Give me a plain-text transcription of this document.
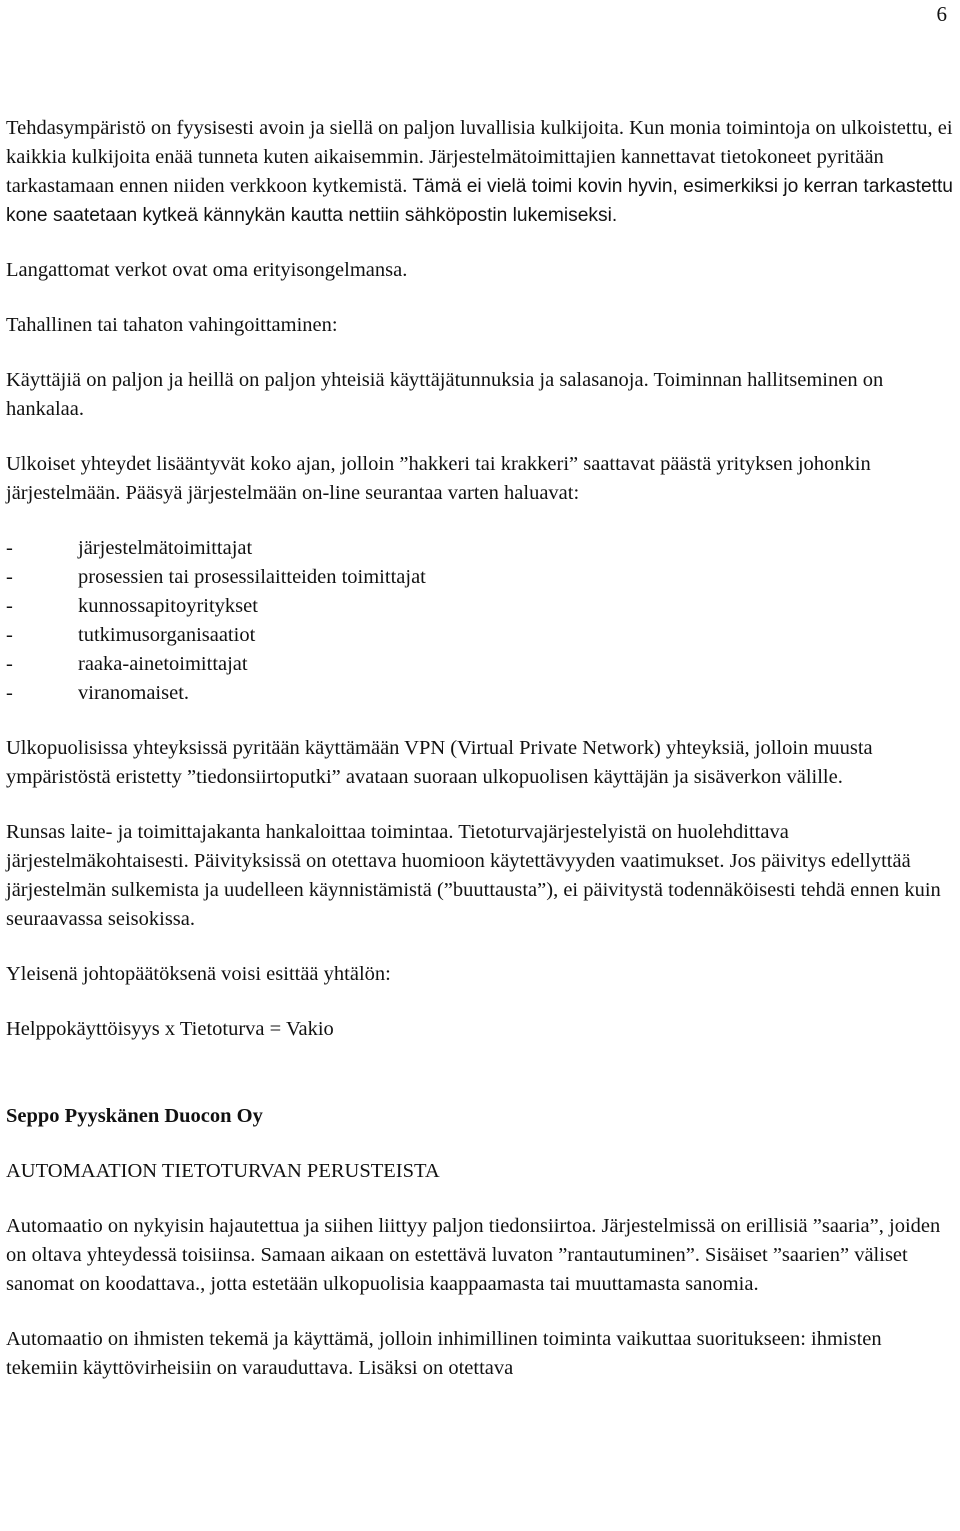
6

Tehdasympäristö on fyysisesti avoin ja siellä on paljon luvallisia kulkijoita. Kun monia toimintoja on ulkoistettu, ei kaikkia kulkijoita enää tunneta kuten aikaisemmin. Järjestelmätoimittajien kannettavat tietokoneet pyritään tarkastamaan ennen niiden verkkoon kytkemistä. Tämä ei vielä toimi kovin hyvin, esimerkiksi jo kerran tarkastettu kone saatetaan kytkeä kännykän kautta nettiin sähköpostin lukemiseksi.

Langattomat verkot ovat oma erityisongelmansa.

Tahallinen tai tahaton vahingoittaminen:

Käyttäjiä on paljon ja heillä on paljon yhteisiä käyttäjätunnuksia ja salasanoja. Toiminnan hallitseminen on hankalaa.

Ulkoiset yhteydet lisääntyvät koko ajan, jolloin ”hakkeri tai krakkeri” saattavat päästä yrityksen johonkin järjestelmään. Pääsyä järjestelmään on-line seurantaa varten haluavat:

-	järjestelmätoimittajat
-	prosessien tai prosessilaitteiden toimittajat
-	kunnossapitoyritykset
-	tutkimusorganisaatiot
-	raaka-ainetoimittajat
-	viranomaiset.

Ulkopuolisissa yhteyksissä pyritään käyttämään VPN (Virtual Private Network) yhteyksiä, jolloin muusta ympäristöstä eristetty ”tiedonsiirtoputki” avataan suoraan ulkopuolisen käyttäjän ja sisäverkon välille.

Runsas laite- ja toimittajakanta hankaloittaa toimintaa. Tietoturvajärjestelyistä on huolehdittava järjestelmäkohtaisesti. Päivityksissä on otettava huomioon käytettävyyden vaatimukset. Jos päivitys edellyttää järjestelmän sulkemista ja uudelleen käynnistämistä (”buuttausta”), ei päivitystä todennäköisesti tehdä ennen kuin seuraavassa seisokissa.

Yleisenä johtopäätöksenä voisi esittää yhtälön:

Helppokäyttöisyys x Tietoturva = Vakio

Seppo Pyyskänen Duocon Oy

AUTOMAATION TIETOTURVAN PERUSTEISTA

Automaatio on nykyisin hajautettua ja siihen liittyy paljon tiedonsiirtoa. Järjestelmissä on erillisiä ”saaria”, joiden on oltava yhteydessä toisiinsa. Samaan aikaan on estettävä luvaton ”rantautuminen”. Sisäiset ”saarien” väliset sanomat on koodattava., jotta estetään ulkopuolisia kaappaamasta tai muuttamasta sanomia.

Automaatio on ihmisten tekemä ja käyttämä, jolloin inhimillinen toiminta vaikuttaa suoritukseen: ihmisten tekemiin käyttövirheisiin on varauduttava. Lisäksi on otettava
